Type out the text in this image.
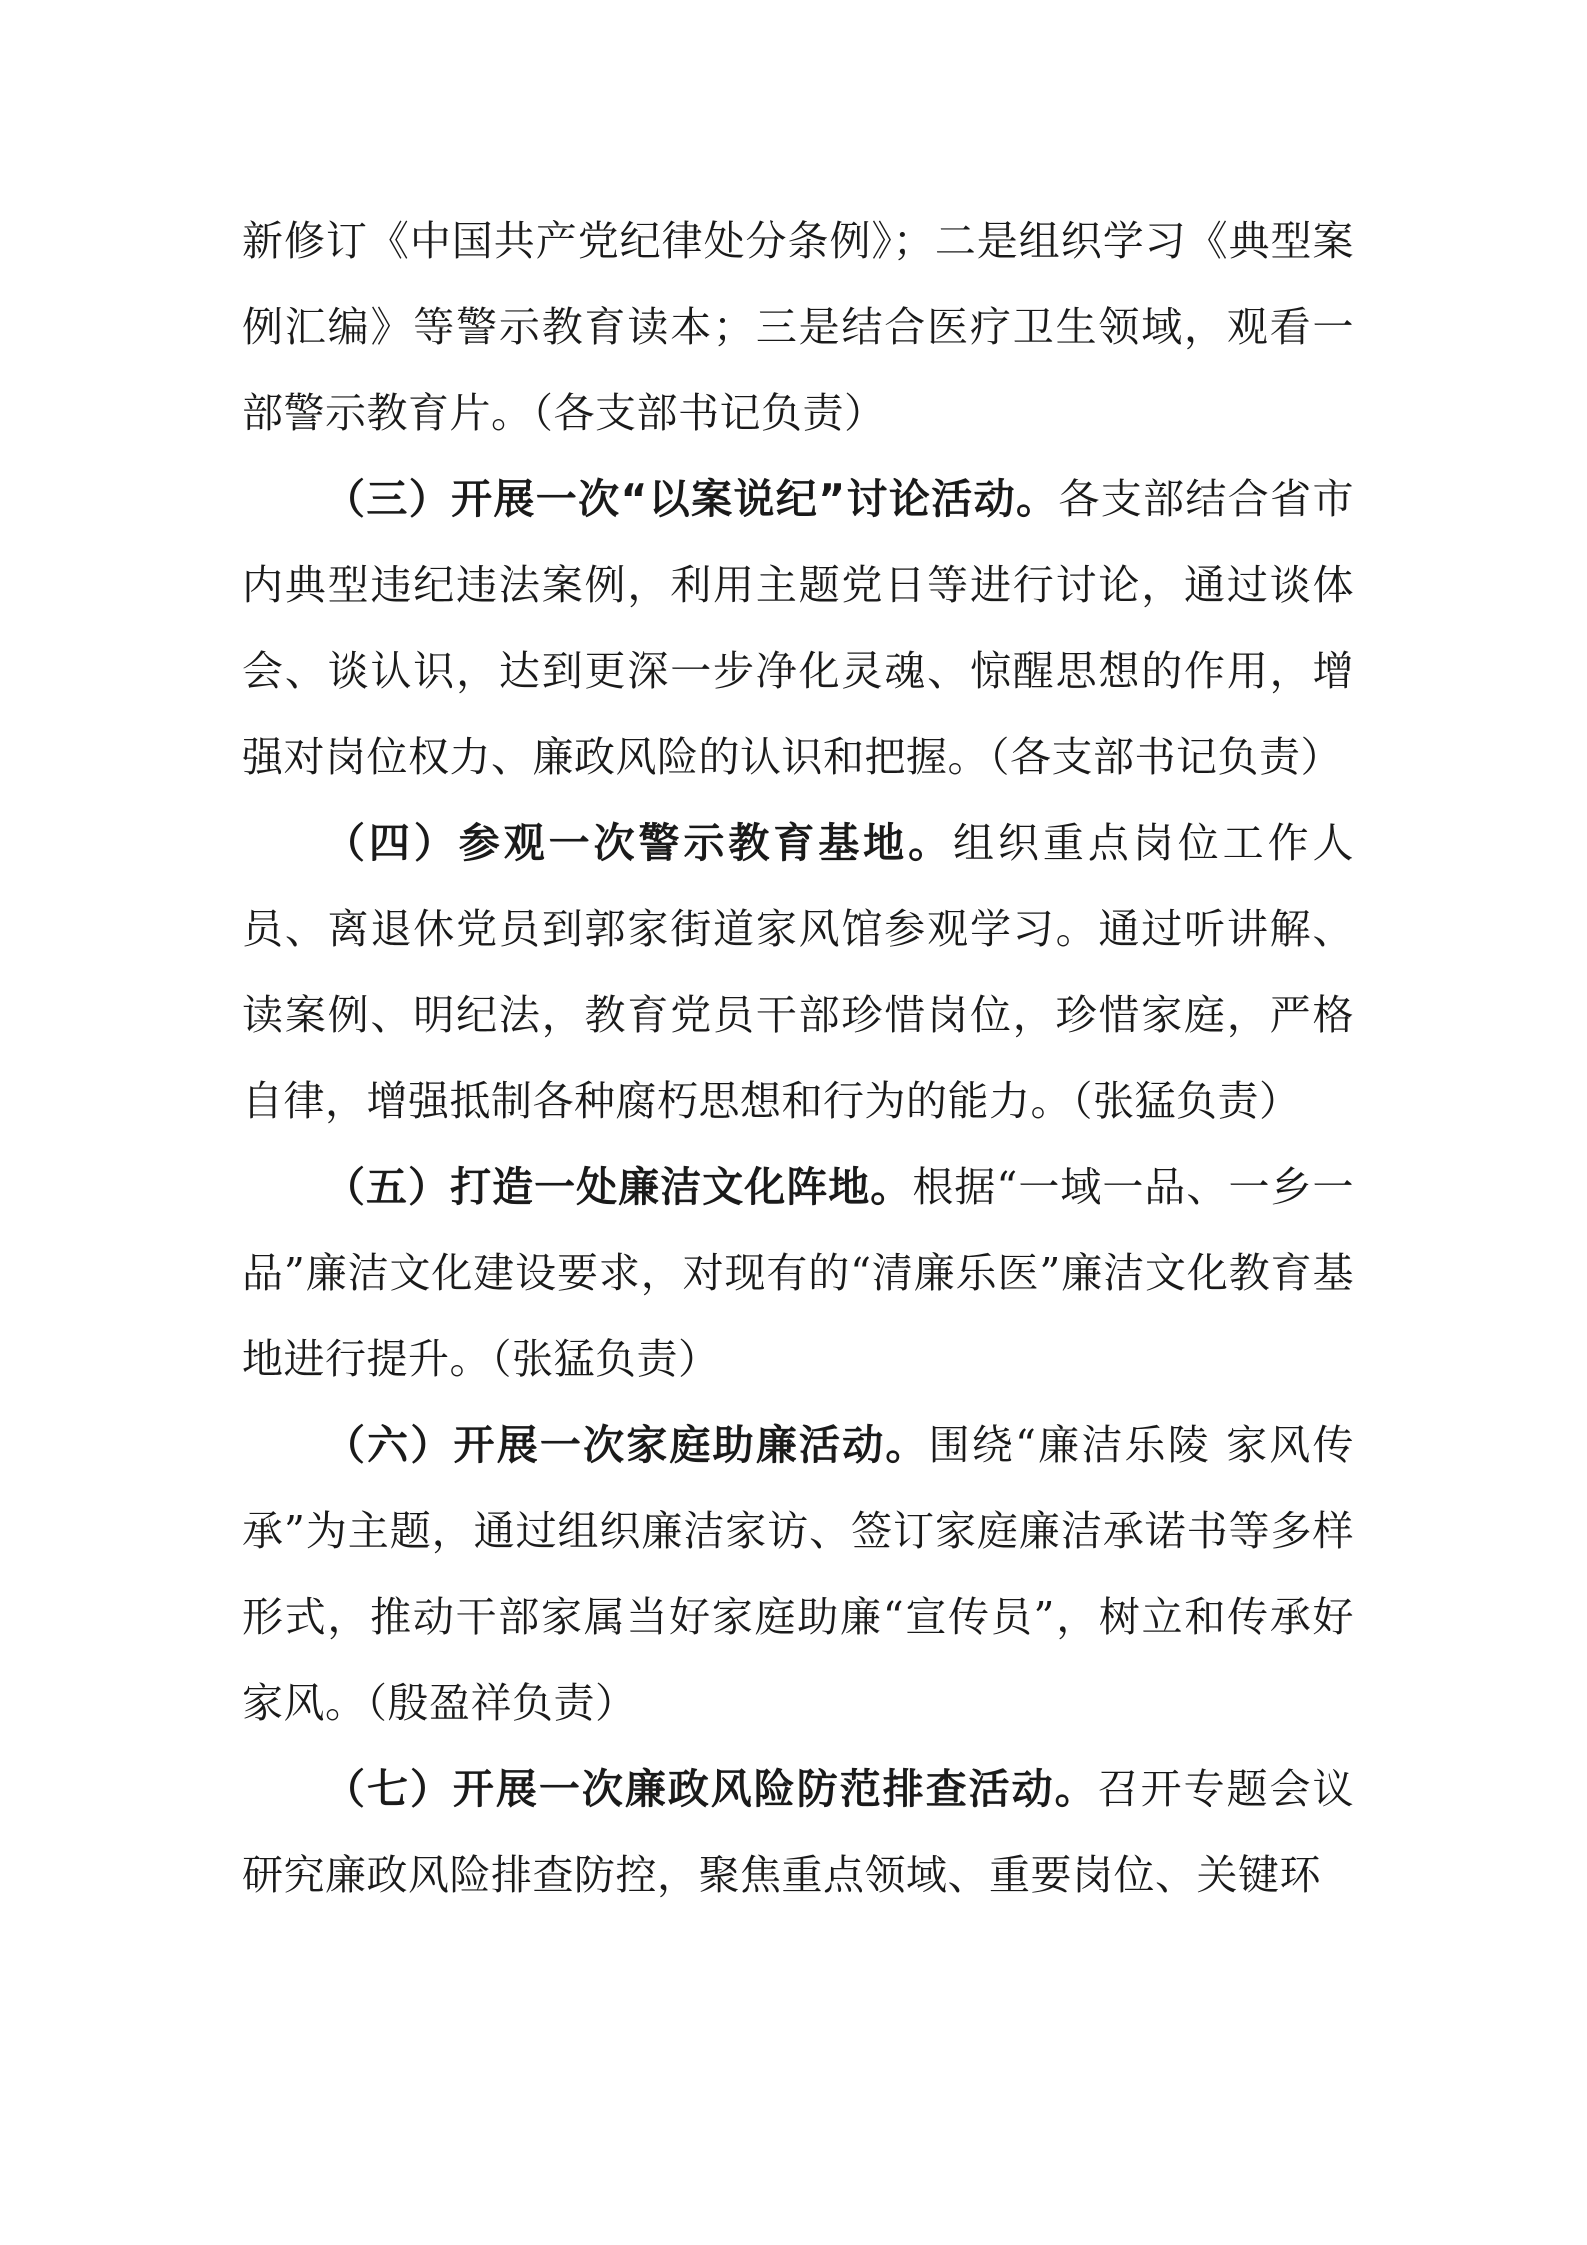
新修订《中国共产党纪律处分条例》；二是组织学习《典型案例汇编》等警示教育读本；三是结合医疗卫生领域，观看一部警示教育片。（各支部书记负责）

（三）开展一次“以案说纪”讨论活动。各支部结合省市内典型违纪违法案例，利用主题党日等进行讨论，通过谈体会、谈认识，达到更深一步净化灵魂、惊醒思想的作用，增强对岗位权力、廉政风险的认识和把握。（各支部书记负责）

（四）参观一次警示教育基地。组织重点岗位工作人员、离退休党员到郭家街道家风馆参观学习。通过听讲解、读案例、明纪法，教育党员干部珍惜岗位，珍惜家庭，严格自律，增强抵制各种腐朽思想和行为的能力。（张猛负责）

（五）打造一处廉洁文化阵地。根据“一域一品、一乡一品”廉洁文化建设要求，对现有的“清廉乐医”廉洁文化教育基地进行提升。（张猛负责）

（六）开展一次家庭助廉活动。围绕“廉洁乐陵 家风传承”为主题，通过组织廉洁家访、签订家庭廉洁承诺书等多样形式，推动干部家属当好家庭助廉“宣传员”，树立和传承好家风。（殷盈祥负责）

（七）开展一次廉政风险防范排查活动。召开专题会议研究廉政风险排查防控，聚焦重点领域、重要岗位、关键环
